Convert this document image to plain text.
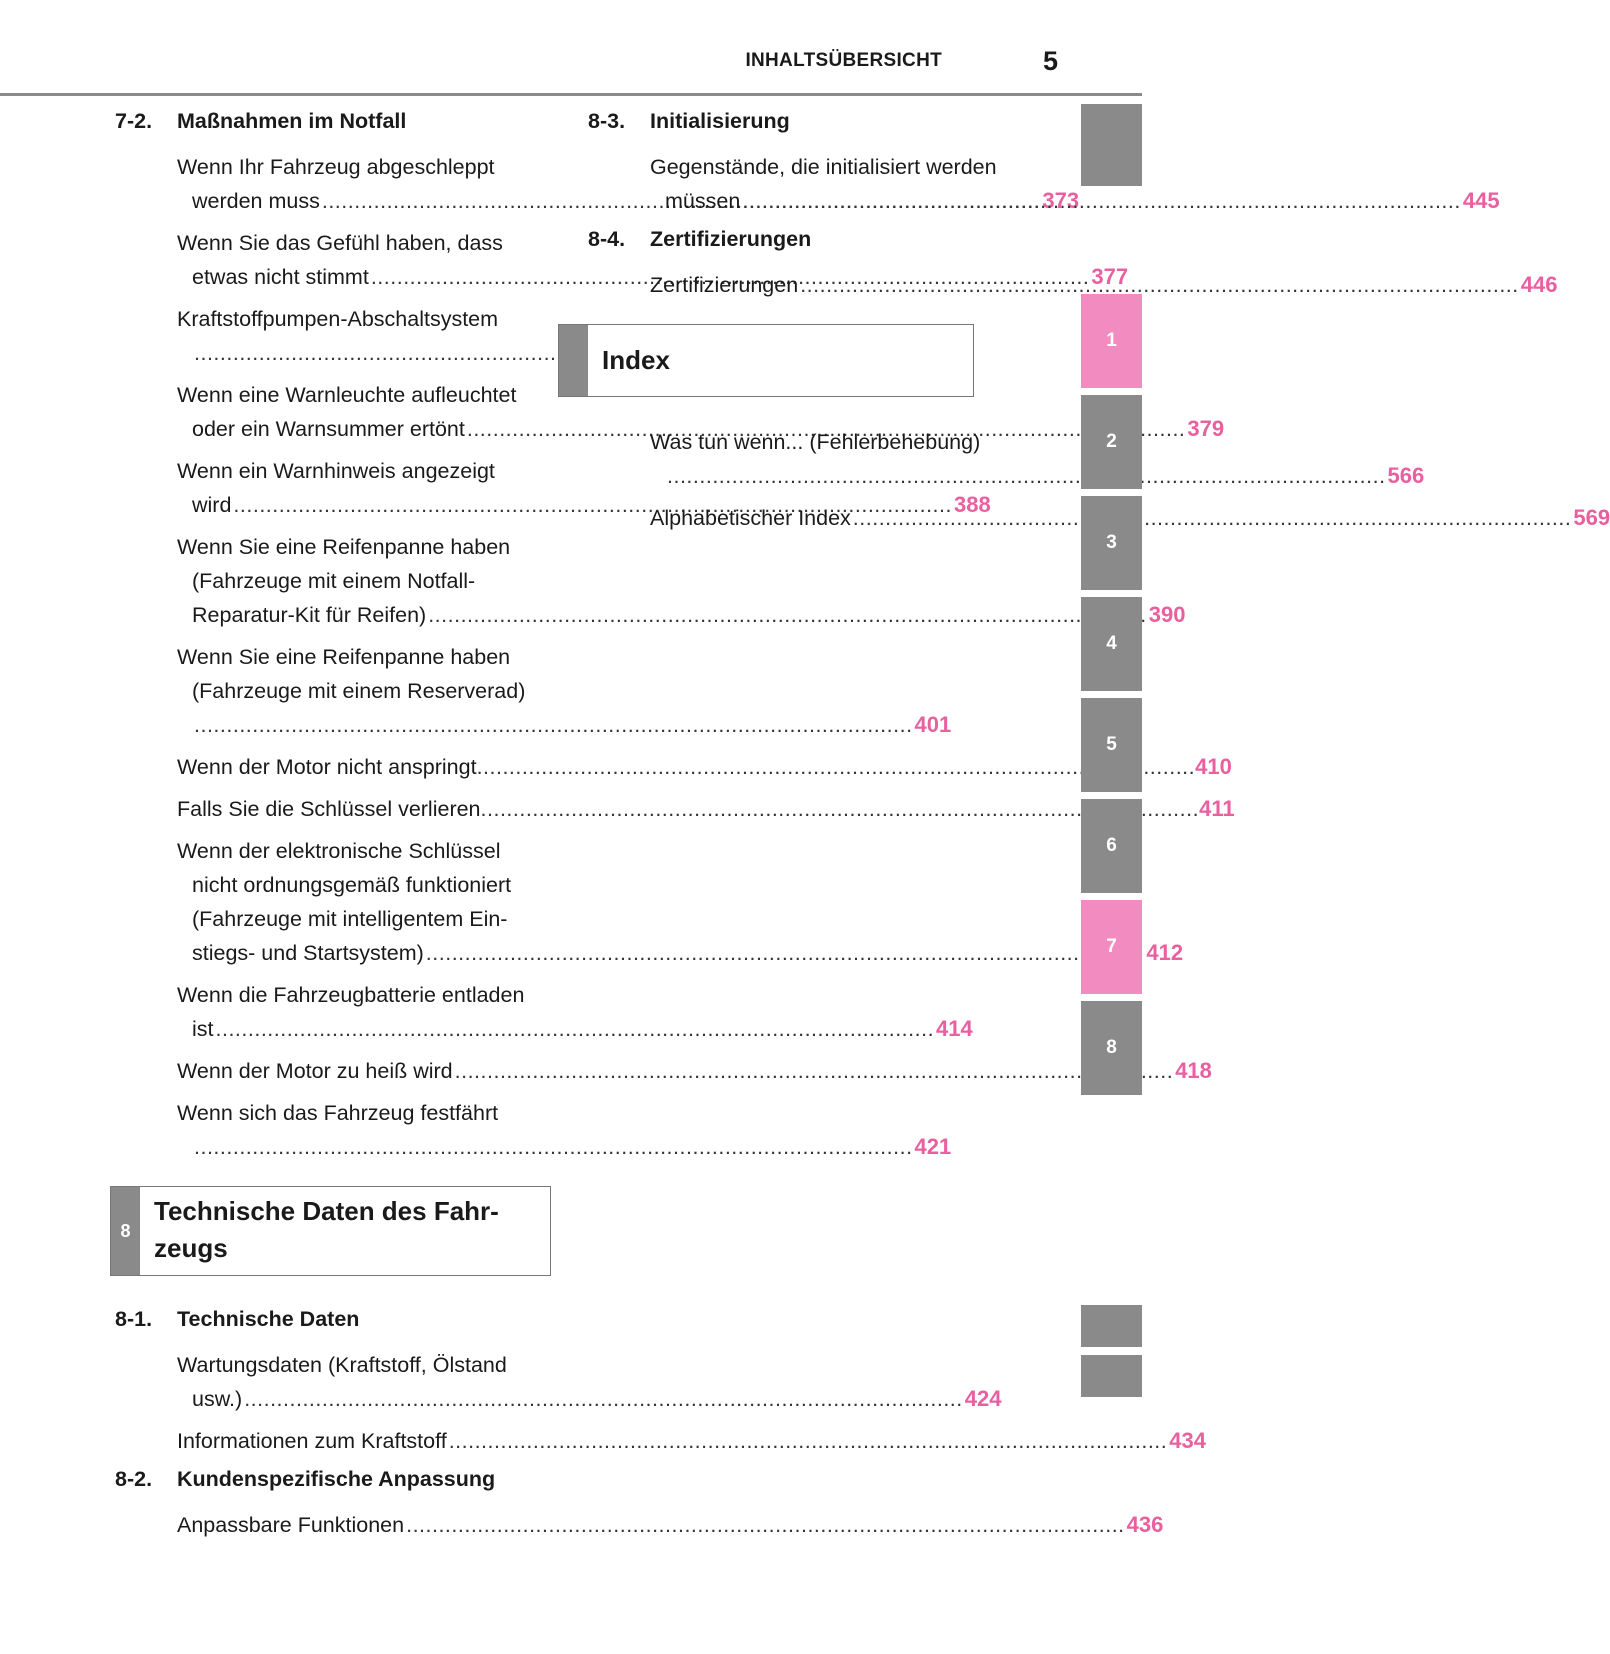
INHALTSÜBERSICHT	5
7-2.	Maßnahmen im Notfall
Wenn Ihr Fahrzeug abgeschleppt
werden muss .....	373
Wenn Sie das Gefühl haben, dass
etwas nicht stimmt .....	377
Kraftstoffpumpen-Abschaltsystem
.....
Wenn eine Warnleuchte aufleuchtet
oder ein Warnsummer ertönt .....	379
Wenn ein Warnhinweis angezeigt
wird .....	388
Wenn Sie eine Reifenpanne haben
(Fahrzeuge mit einem Notfall-
Reparatur-Kit für Reifen) .....	390
Wenn Sie eine Reifenpanne haben
(Fahrzeuge mit einem Reserverad)
.....401
Wenn der Motor nicht anspringt .....	410
Falls Sie die Schlüssel verlieren .....	411
Wenn der elektronische Schlüssel
nicht ordnungsgemäß funktioniert
(Fahrzeuge mit intelligentem Ein-
stiegs- und Startsystem) .....	412
Wenn die Fahrzeugbatterie entladen
ist .....	414
Wenn der Motor zu heiß wird .....	418
Wenn sich das Fahrzeug festfährt
.....421
8
Technische Daten des Fahr-
zeugs
8-1.	Technische Daten
Wartungsdaten (Kraftstoff, Ölstand
usw.) .....	424
Informationen zum Kraftstoff .....	434
8-2.	Kundenspezifische Anpassung
Anpassbare Funktionen .....	436
8-3.	Initialisierung
Gegenstände, die initialisiert werden
müssen .....	445
8-4.	Zertifizierungen
Zertifizierungen .....	446
Index
Was tun wenn... (Fehlerbehebung)
.....566
Alphabetischer Index .....	569
1
2
3
4
5
6
7
8
